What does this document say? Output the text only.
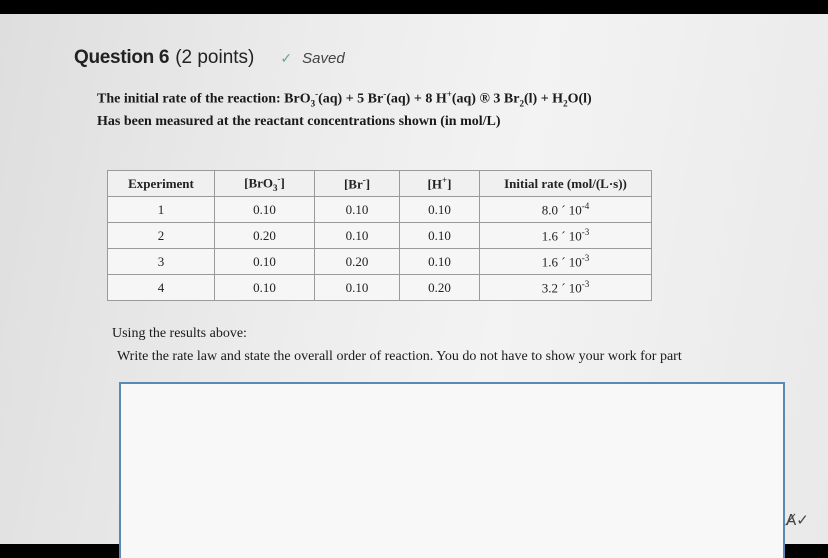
Question 6 (2 points) ✓ Saved
The initial rate of the reaction: BrO$_3$-(aq) + 5 Br-(aq) + 8 H+(aq) ® 3 $Br_2(l) + H_2O(l)$
Has been measured at the reactant concentrations shown (in mol/L)
Experiment	[BrO$_3$-]	[Br-]	[H+]	Initial rate (mol/(L·s))
1	0.10	0.10	0.10	8.0 ´ $10^{-4}$
2	0.20	0.10	0.10	1.6 ´ $10^{-3}$
3	0.10	0.20	0.10	1.6 ´ $10^{-3}$
4	0.10	0.10	0.20	3.2 ´ $10^{-3}$
Using the results above:
Write the rate law and state the overall order of reaction. You do not have to show your work for part
A̸✓
